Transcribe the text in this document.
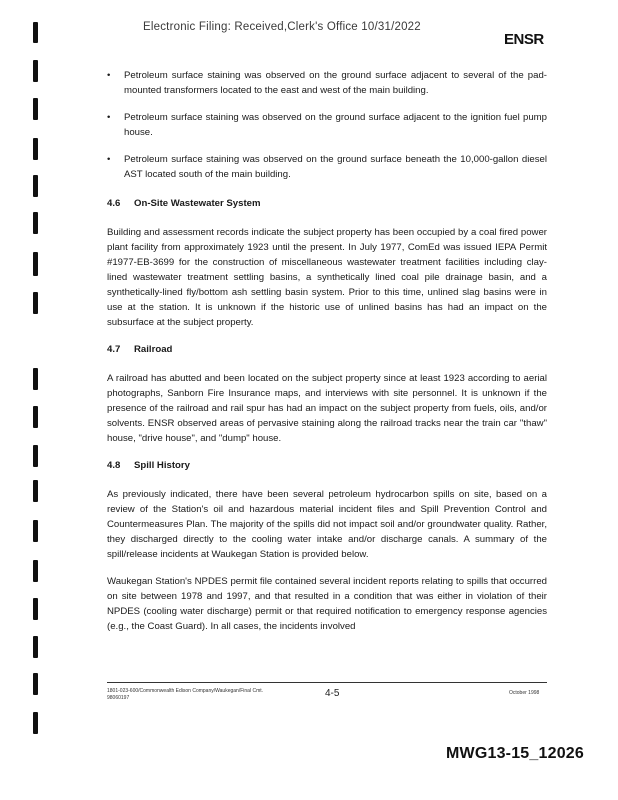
Electronic Filing: Received,Clerk's Office 10/31/2022
ENSR
• Petroleum surface staining was observed on the ground surface adjacent to several of the pad-mounted transformers located to the east and west of the main building.
• Petroleum surface staining was observed on the ground surface adjacent to the ignition fuel pump house.
• Petroleum surface staining was observed on the ground surface beneath the 10,000-gallon diesel AST located south of the main building.
4.6 On-Site Wastewater System

Building and assessment records indicate the subject property has been occupied by a coal fired power plant facility from approximately 1923 until the present. In July 1977, ComEd was issued IEPA Permit #1977-EB-3699 for the construction of miscellaneous wastewater treatment facilities including clay-lined wastewater treatment settling basins, a synthetically lined coal pile drainage basin, and a synthetically-lined fly/bottom ash settling basin system. Prior to this time, unlined slag basins were in use at the station. It is unknown if the historic use of unlined basins has had an impact on the subsurface at the subject property.

4.7 Railroad

A railroad has abutted and been located on the subject property since at least 1923 according to aerial photographs, Sanborn Fire Insurance maps, and interviews with site personnel. It is unknown if the presence of the railroad and rail spur has had an impact on the subject property from fuels, oils, and/or solvents. ENSR observed areas of pervasive staining along the railroad tracks near the train car "thaw" house, "drive house", and "dump" house.

4.8 Spill History

As previously indicated, there have been several petroleum hydrocarbon spills on site, based on a review of the Station's oil and hazardous material incident files and Spill Prevention Control and Countermeasures Plan. The majority of the spills did not impact soil and/or groundwater quality. Rather, they discharged directly to the cooling water intake and/or discharge canals. A summary of the spill/release incidents at Waukegan Station is provided below.

Waukegan Station's NPDES permit file contained several incident reports relating to spills that occurred on site between 1978 and 1997, and that resulted in a condition that was either in violation of their NPDES (cooling water discharge) permit or that required notification to emergency response agencies (e.g., the Coast Guard). In all cases, the incidents involved

1801-023-600/Commonwealth Edison Company/Waukegan/Final Cmt.
98060197	4-5	October 1998
MWG13-15_12026
